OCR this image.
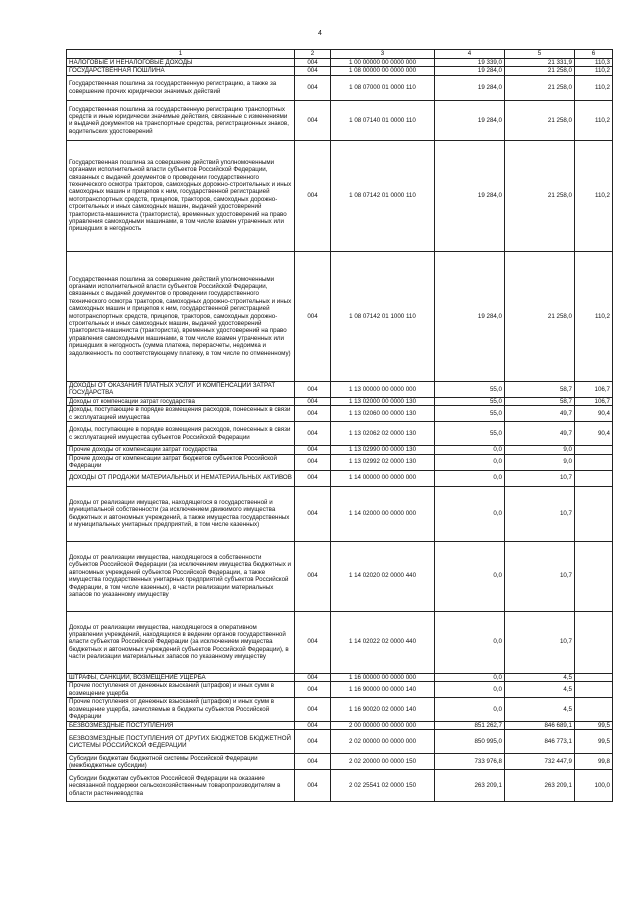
4
1	2	3	4	5	6
НАЛОГОВЫЕ И НЕНАЛОГОВЫЕ ДОХОДЫ	004	1 00 00000 00 0000 000	19 339,0	21 331,9	110,3
ГОСУДАРСТВЕННАЯ ПОШЛИНА	004	1 08 00000 00 0000 000	19 284,0	21 258,0	110,2
Государственная пошлина за государственную регистрацию, а также за совершение прочих юридически значимых действий	004	1 08 07000 01 0000 110	19 284,0	21 258,0	110,2
Государственная пошлина за государственную регистрацию транспортных средств и иные юридически значимые действия, связанные с изменениями и выдачей документов на транспортные средства, регистрационных знаков, водительских удостоверений	004	1 08 07140 01 0000 110	19 284,0	21 258,0	110,2
Государственная пошлина за совершение действий уполномоченными органами исполнительной власти субъектов Российской Федерации, связанных с выдачей документов о проведении государственного технического осмотра тракторов, самоходных дорожно-строительных и иных самоходных машин и прицепов к ним, государственной регистрацией мототранспортных средств, прицепов, тракторов, самоходных дорожно-строительных и иных самоходных машин, выдачей удостоверений тракториста-машиниста (тракториста), временных удостоверений на право управления самоходными машинами, в том числе взамен утраченных или пришедших в негодность	004	1 08 07142 01 0000 110	19 284,0	21 258,0	110,2
Государственная пошлина за совершение действий уполномоченными органами исполнительной власти субъектов Российской Федерации, связанных с выдачей документов о проведении государственного технического осмотра тракторов, самоходных дорожно-строительных и иных самоходных машин и прицепов к ним, государственной регистрацией мототранспортных средств, прицепов, тракторов, самоходных дорожно-строительных и иных самоходных машин, выдачей удостоверений тракториста-машиниста (тракториста), временных удостоверений на право управления самоходными машинами, в том числе взамен утраченных или пришедших в негодность (сумма платежа, перерасчеты, недоимка и задолженность по соответствующему платежу, в том числе по отмененному)	004	1 08 07142 01 1000 110	19 284,0	21 258,0	110,2
ДОХОДЫ ОТ ОКАЗАНИЯ ПЛАТНЫХ УСЛУГ И КОМПЕНСАЦИИ ЗАТРАТ ГОСУДАРСТВА	004	1 13 00000 00 0000 000	55,0	58,7	106,7
Доходы от компенсации затрат государства	004	1 13 02000 00 0000 130	55,0	58,7	106,7
Доходы, поступающие в порядке возмещения расходов, понесенных в связи с эксплуатацией имущества	004	1 13 02060 00 0000 130	55,0	49,7	90,4
Доходы, поступающие в порядке возмещения расходов, понесенных в связи с эксплуатацией имущества субъектов Российской Федерации	004	1 13 02062 02 0000 130	55,0	49,7	90,4
Прочие доходы от компенсации затрат государства	004	1 13 02990 00 0000 130	0,0	9,0	
Прочие доходы от компенсации затрат бюджетов субъектов Российской Федерации	004	1 13 02992 02 0000 130	0,0	9,0	
ДОХОДЫ ОТ ПРОДАЖИ МАТЕРИАЛЬНЫХ И НЕМАТЕРИАЛЬНЫХ АКТИВОВ	004	1 14 00000 00 0000 000	0,0	10,7	
Доходы от реализации имущества, находящегося в государственной и муниципальной собственности (за исключением движимого имущества бюджетных и автономных учреждений, а также имущества государственных и муниципальных унитарных предприятий, в том числе казенных)	004	1 14 02000 00 0000 000	0,0	10,7	
Доходы от реализации имущества, находящегося в собственности субъектов Российской Федерации (за исключением имущества бюджетных и автономных учреждений субъектов Российской Федерации, а также имущества государственных унитарных предприятий субъектов Российской Федерации, в том числе казенных), в части реализации материальных запасов по указанному имуществу	004	1 14 02020 02 0000 440	0,0	10,7	
Доходы от реализации имущества, находящегося в оперативном управлении учреждений, находящихся в ведении органов государственной власти субъектов Российской Федерации (за исключением имущества бюджетных и автономных учреждений субъектов Российской Федерации), в части реализации материальных запасов по указанному имуществу	004	1 14 02022 02 0000 440	0,0	10,7	
ШТРАФЫ, САНКЦИИ, ВОЗМЕЩЕНИЕ УЩЕРБА	004	1 16 00000 00 0000 000	0,0	4,5	
Прочие поступления от денежных взысканий (штрафов) и иных сумм в возмещение ущерба	004	1 16 90000 00 0000 140	0,0	4,5	
Прочие поступления от денежных взысканий (штрафов) и иных сумм в возмещение ущерба, зачисляемые в бюджеты субъектов Российской Федерации	004	1 16 90020 02 0000 140	0,0	4,5	
БЕЗВОЗМЕЗДНЫЕ ПОСТУПЛЕНИЯ	004	2 00 00000 00 0000 000	851 262,7	846 689,1	99,5
БЕЗВОЗМЕЗДНЫЕ ПОСТУПЛЕНИЯ ОТ ДРУГИХ БЮДЖЕТОВ БЮДЖЕТНОЙ СИСТЕМЫ РОССИЙСКОЙ ФЕДЕРАЦИИ	004	2 02 00000 00 0000 000	850 995,0	846 773,1	99,5
Субсидии бюджетам бюджетной системы Российской Федерации (межбюджетные субсидии)	004	2 02 20000 00 0000 150	733 976,8	732 447,9	99,8
Субсидии бюджетам субъектов Российской Федерации на оказание несвязанной поддержки сельскохозяйственным товаропроизводителям в области растениеводства	004	2 02 25541 02 0000 150	263 209,1	263 209,1	100,0
